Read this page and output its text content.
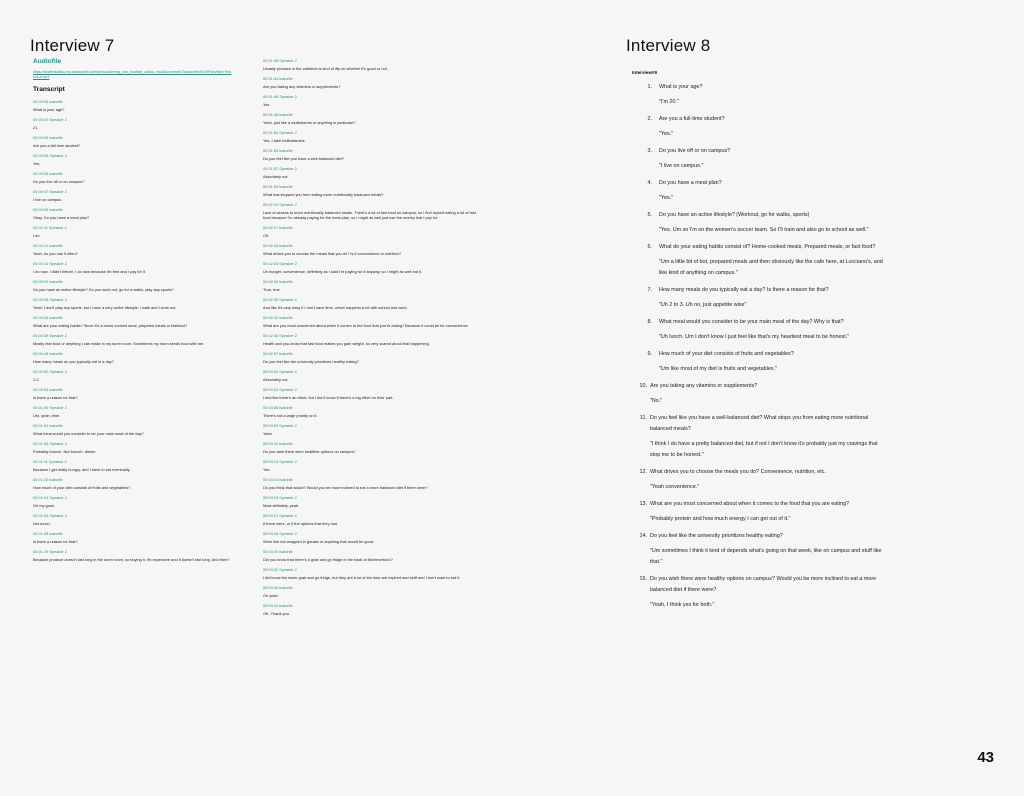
Interview 7	Interview 8
Audiofile
https://studentudwlu-my.sharepoint.com/personal/msrg_shn_shuthsh_udwlu_edu/Documents/Transcribed%20Files/New Record-4.mp3
Transcript
00:00:00 Isabelle
What is your age?
00:00:02 Speaker 2
21
00:00:03 Isabelle
Are you a full time student?
00:00:05 Speaker 2
Yes.
00:00:06 Isabelle
Do you live off or on campus?
00:00:07 Speaker 2
I live on campus.
00:00:09 Isabelle
Okay. Do you have a meal plan?
00:00:11 Speaker 2
I do.
00:00:12 Isabelle
Yeah, do you use it often?
00:00:13 Speaker 2
I do now. I didn't before. I do now because it's free and I pay for it.
00:00:22 Isabelle
Do you have an active lifestyle? Do you work out, go for a walks, play any sports?
00:00:28 Speaker 2
Yeah, I don't play any sports, but I have a very active lifestyle. I walk and I work out.
00:00:34 Isabelle
What are your eating habits? Since it's a home cooked meal, prepared meals or fastfood?
00:00:39 Speaker 2
Mostly fast food or anything I can make in my dorm room. Sometimes my mom sends food with me.
00:00:48 Isabelle
How many meals do you typically eat in a day?
00:00:52 Speaker 2
1-2
00:00:54 Isabelle
Is there a reason for that?
00:01:00 Speaker 2
Um, yeah, time.
00:01:04 Isabelle
What meal would you consider to be your main meal of the day?
00:01:06 Speaker 2
Probably brunch. Not brunch, dinner.
00:01:11 Speaker 2
Because I get really hungry, and I have to eat eventually.
00:01:22 Isabelle
How much of your diet consists of fruits and vegetables?
00:01:24 Speaker 2
On my gosh.
00:01:26 Speaker 2
Not much.
00:01:28 Isabelle
Is there a reason for that?
00:01:29 Speaker 2
Because produce doesn't last long in the dorm room, so buying it, it's expensive and it doesn't last long. And then?
00:01:38 Speaker 2
Usually produce in the cafeteria is kind of iffy on whether it's good or not.
00:01:44 Isabelle
Are you taking any vitamins or supplements?
00:01:48 Speaker 2
Yes
00:01:48 Isabelle
Yeah, just like a multivitamin or anything in particular?
00:01:54 Speaker 2
Yes, I take multivitamins.
00:01:55 Isabelle
Do you feel like you have a well balanced diet?
00:01:57 Speaker 2
Absolutely not.
00:01:59 Isabelle
What has stopped you from eating more nutritionally balanced meals?
00:02:10 Speaker 2
Lack of access to more nutritionally balanced meals. There's a lot of fast food on campus, so I find myself eating a lot of fast food because I'm already paying for the meal plan, so I might as well just use the money that I pay for.
00:02:17 Isabelle
OK.
00:02:18 Isabelle
What drives you to choose the meals that you do? Is it convenience or nutrition?
00:02:24 Speaker 2
Uh hunger, convenience, definitely as I said I'm paying for it anyway, so I might as well eat it.
00:02:34 Isabelle
True, true.
00:02:39 Speaker 2
And like it's very easy if I don't have time, which happens a lot with school and work.
00:02:42 Isabelle
What are you most concerned about when it comes to the food that you're eating? Because it could be for convenience.
00:02:48 Speaker 2
Health and you know that fast food makes you gain weight, so very scared about that happening.
00:02:57 Isabelle
Do you feel like the university prioritizes healthy eating?
00:03:00 Speaker 2
Absolutely not.
00:03:03 Speaker 2
I feel like there's an effort, but I don't know if there's a big effort on their part.
00:03:08 Isabelle
There's not a large priority on it.
00:03:09 Speaker 2
Yeah.
00:03:10 Isabelle
Do you wish there were healthier options on campus?
00:03:13 Speaker 2
Yes.
00:03:14 Isabelle
Do you think that would? Would you be more inclined to eat a more balanced diet if there were?
00:03:19 Speaker 2
Most definitely, yeah.
00:03:21 Speaker 2
If there were, or if the options that they had
00:03:26 Speaker 2
Were like not wrapped in grease or anything that would be good.
00:03:29 Isabelle
Did you know that there's a grab and go fridge in the back of Montecristo's?
00:03:32 Speaker 2
I did know the lower grab and go fridge, but they are a lot of the time are expired and stuff and I don't want to eat it.
00:03:40 Isabelle
Oh yeah.
00:03:41 Isabelle
OK. Thank you.
Interview#9
1. What is your age?
"I'm 20."
2. Are you a full-time student?
"Yes."
3. Do you live off or on campus?
"I live on campus."
4. Do you have a meal plan?
"Yes."
5. Do you have an active lifestyle? (Workout, go for walks, sports)
"Yes. Um so I'm on the women's soccer team. So I'll train and also go to school as well."
6. What do your eating habits consist of? Home-cooked meals, Prepared meals, or fast food?
"Um a little bit of bot, prepared meals and then obviously like the cafe here, at Lucciano's, and like kind of anything on campus."
7. How many meals do you typically eat a day? Is there a reason for that?
"Uh 2 to 3. Uh no, just appetite wise"
8. What meal would you consider to be your main meal of the day? Why is that?
"Uh lunch. Um I don't know I just feel like that's my heartiest meal to be honest."
9. How much of your diet consists of fruits and vegetables?
"Um like most of my diet is fruits and vegetables."
10. Are you taking any vitamins or supplements?
"No."
11. Do you feel like you have a well-balanced diet? What stops you from eating more nutritional balanced meals?
"I think I do have a pretty balanced diet, but if not I don't know it's probably just my cravings that stop me to be honest."
12. What drives you to choose the meals you do? Convenience, nutrition, etc.
"Yeah convenience."
13. What are you most concerned about when it comes to the food that you are eating?
"Probably protein and how much energy I can get out of it."
14. Do you feel like the university prioritizes healthy eating?
"Um sometimes I think it kind of depends what's going on that week, like on campus and stuff like that."
15. Do you wish there were healthy options on campus? Would you be more inclined to eat a more balanced diet if there were?
"Yeah, I think yes for both."
43
